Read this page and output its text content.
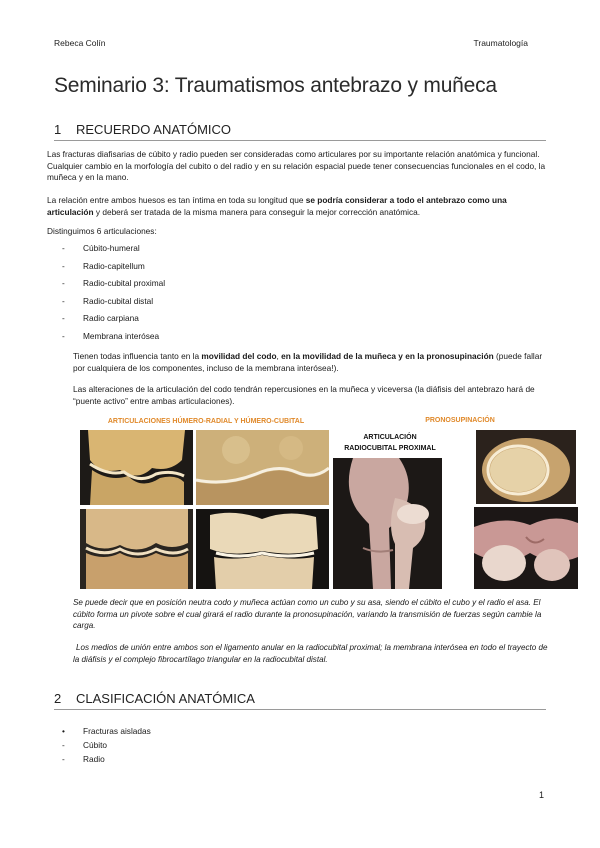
Rebeca Colín	Traumatología
Seminario 3: Traumatismos antebrazo y muñeca
1 RECUERDO ANATÓMICO
Las fracturas diafisarias de cúbito y radio pueden ser consideradas como articulares por su importante relación anatómica y funcional. Cualquier cambio en la morfología del cubito o del radio y en su relación espacial puede tener consecuencias funcionales en el codo, la muñeca y en la mano.
La relación entre ambos huesos es tan íntima en toda su longitud que se podría considerar a todo el antebrazo como una articulación y deberá ser tratada de la misma manera para conseguir la mejor corrección anatómica.
Distinguimos 6 articulaciones:
- Cúbito-humeral
- Radio-capitellum
- Radio-cubital proximal
- Radio-cubital distal
- Radio carpiana
- Membrana interósea
Tienen todas influencia tanto en la movilidad del codo, en la movilidad de la muñeca y en la pronosupinación (puede fallar por cualquiera de los componentes, incluso de la membrana interósea!).
Las alteraciones de la articulación del codo tendrán repercusiones en la muñeca y viceversa (la diáfisis del antebrazo hará de “puente activo” entre ambas articulaciones).
ARTICULACIONES HÚMERO-RADIAL Y HÚMERO-CUBITAL
ARTICULACIÓN
RADIOCUBITAL PROXIMAL
PRONOSUPINACIÓN
Se puede decir que en posición neutra codo y muñeca actúan como un cubo y su asa, siendo el cúbito el cubo y el radio el asa. El cúbito forma un pivote sobre el cual girará el radio durante la pronosupinación, variando la transmisión de fuerzas según cambie la carga.
Los medios de unión entre ambos son el ligamento anular en la radiocubital proximal; la membrana interósea en todo el trayecto de la diáfisis y el complejo fibrocartílago triangular en la radiocubital distal.
2 CLASIFICACIÓN ANATÓMICA
• Fracturas aisladas
- Cúbito
- Radio
1
